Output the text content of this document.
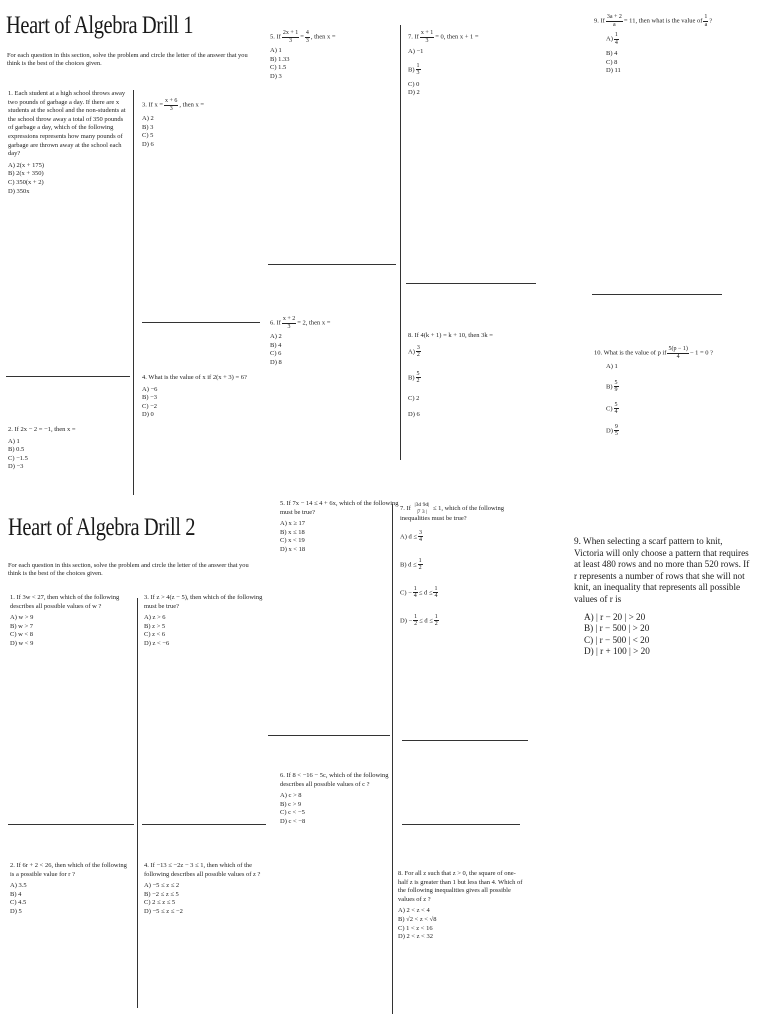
Heart of Algebra Drill 1
For each question in this section, solve the problem and circle the letter of the answer that you think is the best of the choices given.
1. Each student at a high school throws away two pounds of garbage a day. If there are x students at the school and the non-students at the school throw away a total of 350 pounds of garbage a day, which of the following expressions represents how many pounds of garbage are thrown away at the school each day?
A) 2(x + 175)
B) 2(x + 350)
C) 350(x + 2)
D) 350x
3. If $x = \frac{x + 6}{3}$ , then x =
A) 2
B) 3
C) 5
D) 6
5. If $\frac{2x + 1}{3} = \frac{4}{3}$ , then x =
A) 1
B) 1.33
C) 1.5
D) 3
7. If $\frac{x + 1}{3} = 0$, then x + 1 =
A) −1
$B) \frac{1}{3}$
C) 0
D) 2
9. If $\frac{3a + 2}{a} = 11$, then what is the value of $\frac{1}{a}$ ?
$A) \frac{1}{4}$
B) 4
C) 8
D) 11
6. If $\frac{x + 2}{3} = 2$, then x =
A) 2
B) 4
C) 6
D) 8
8. If 4(k + 1) = k + 10, then 3k =
$A) \frac{3}{2}$
$B) \frac{5}{2}$
C) 2
D) 6
4. What is the value of x if 2(x + 3) = 6?
A) −6
B) −3
C) −2
D) 0
10. What is the value of p if $\frac{5(p - 1)}{4} - 1 = 0$ ?
A) 1
$B) \frac{5}{9}$
$C) \frac{5}{4}$
$D) \frac{9}{5}$
2. If 2x − 2 = −1, then x =
A) 1
B) 0.5
C) −1.5
D) −3
Heart of Algebra Drill 2
For each question in this section, solve the problem and circle the letter of the answer that you think is the best of the choices given.
5. If 7x − 14 ≤ 4 + 6x, which of the following must be true?
A) x ≥ 17
B) x ≤ 18
C) x < 19
D) x < 18
7. If |3d 9d|
|7 3 | ≤ 1, which of the following inequalities must be true?
A) $d \le \frac{3}{4}$
B) $d \le \frac{1}{2}$
$C) - \frac{1}{4} \le d \le \frac{1}{4}$
$D) - \frac{1}{2} \le d \le \frac{1}{2}$
9. When selecting a scarf pattern to knit, Victoria will only choose a pattern that requires at least 480 rows and no more than 520 rows. If r represents a number of rows that she will not knit, an inequality that represents all possible values of r is
A) | r − 20 | > 20
B) | r − 500 | > 20
C) | r − 500 | < 20
D) | r + 100 | > 20
1. If 3w < 27, then which of the following describes all possible values of w ?
A) w > 9
B) w > 7
C) w < 8
D) w < 9
3. If z > 4(z − 5), then which of the following must be true?
A) z > 6
B) z > 5
C) z < 6
D) z < −6
6. If 8 < −16 − 5c, which of the following describes all possible values of c ?
A) c > 8
B) c > 9
C) c < −5
D) c < −8
2. If 6r + 2 < 26, then which of the following is a possible value for r ?
A) 3.5
B) 4
C) 4.5
D) 5
4. If −13 ≤ −2z − 3 ≤ 1, then which of the following describes all possible values of z ?
A) −5 ≤ z ≤ 2
B) −2 ≤ z ≤ 5
C) 2 ≤ z ≤ 5
D) −5 ≤ z ≤ −2
8. For all z such that z > 0, the square of one-half z is greater than 1 but less than 4. Which of the following inequalities gives all possible values of z ?
A) 2 < z < 4
B) √2 < z < √8
C) 1 < z < 16
D) 2 < z < 32
